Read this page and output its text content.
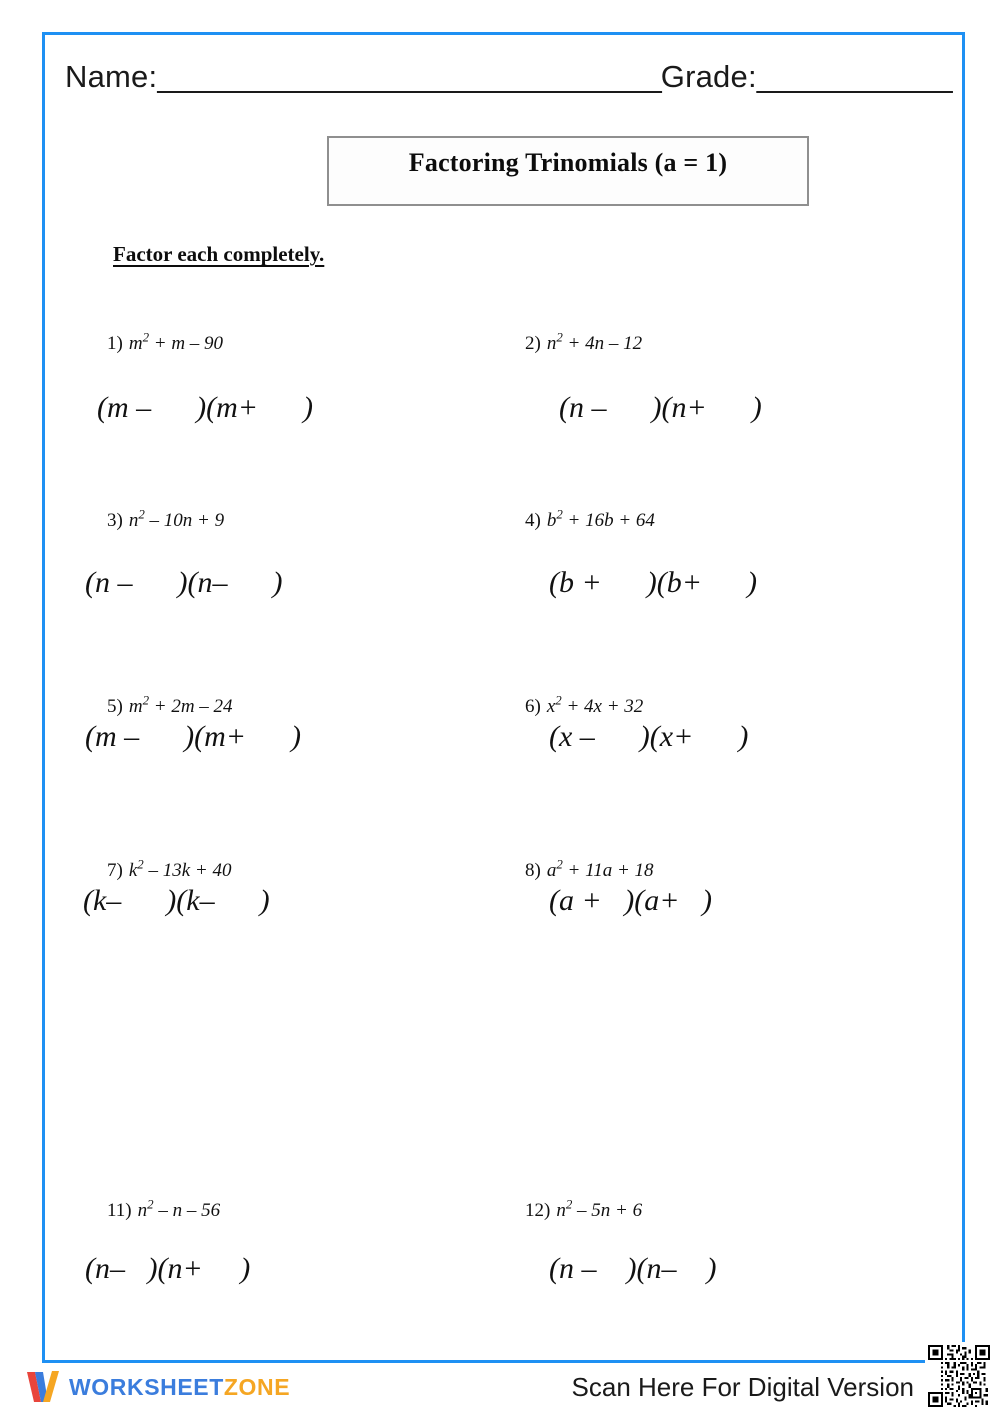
Name: _______________________________ Grade: ____________
Factoring Trinomials (a = 1)
Factor each completely.
1) $m^2 + m - 90$
(m –      )(m+      )
2) $n^2 + 4n - 12$
(n –      )(n+      )
3) $n^2 - 10n + 9$
(n –      )(n–      )
4) $b^2 + 16b + 64$
(b +      )(b+      )
5) $m^2 + 2m - 24$
(m –      )(m+      )
6) $x^2 + 4x + 32$
(x –      )(x+      )
7) $k^2 - 13k + 40$
(k–      )(k–      )
8) $a^2 + 11a + 18$
(a +   )(a+   )
11) $n^2$ – n – 56
(n–   )(n+     )
12) $n^2 - 5n + 6$
(n –    )(n–    )
WORKSHEETZONE	Scan Here For Digital Version
